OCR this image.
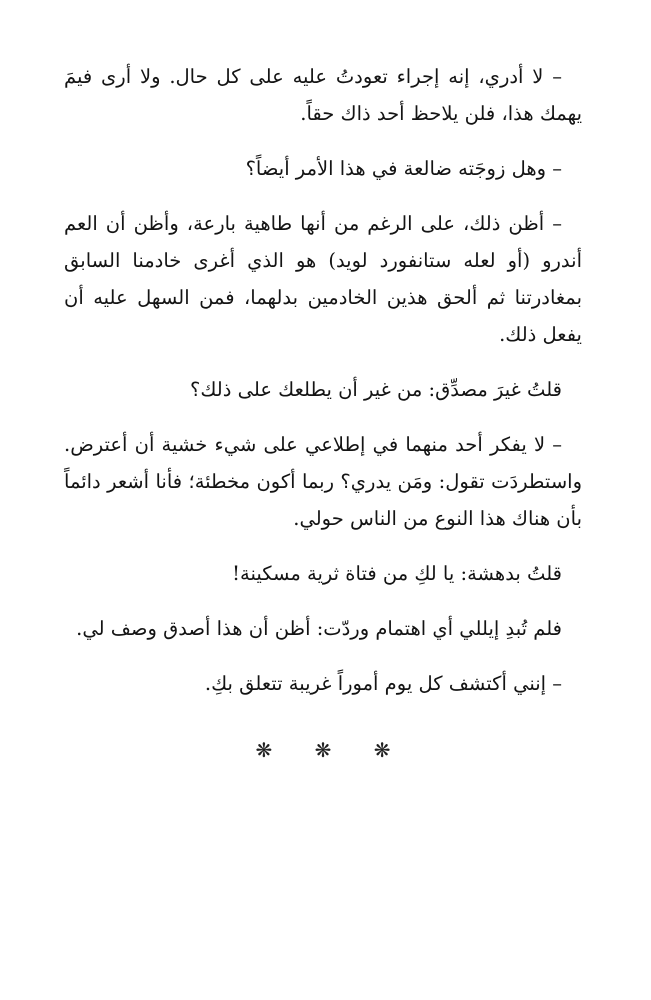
– لا أدري، إنه إجراء تعودتُ عليه على كل حال. ولا أرى فيمَ يهمك هذا، فلن يلاحظ أحد ذاك حقاً.

– وهل زوجَته ضالعة في هذا الأمر أيضاً؟

– أظن ذلك، على الرغم من أنها طاهية بارعة، وأظن أن العم أندرو (أو لعله ستانفورد لويد) هو الذي أغرى خادمنا السابق بمغادرتنا ثم ألحق هذين الخادمين بدلهما، فمن السهل عليه أن يفعل ذلك.

قلتُ غيرَ مصدِّق: من غير أن يطلعك على ذلك؟

– لا يفكر أحد منهما في إطلاعي على شيء خشية أن أعترض. واستطردَت تقول: ومَن يدري؟ ربما أكون مخطئة؛ فأنا أشعر دائماً بأن هناك هذا النوع من الناس حولي.

قلتُ بدهشة: يا لكِ من فتاة ثرية مسكينة!

فلم تُبدِ إيللي أي اهتمام وردّت: أظن أن هذا أصدق وصف لي.

– إنني أكتشف كل يوم أموراً غريبة تتعلق بكِ.

❋ ❋ ❋
